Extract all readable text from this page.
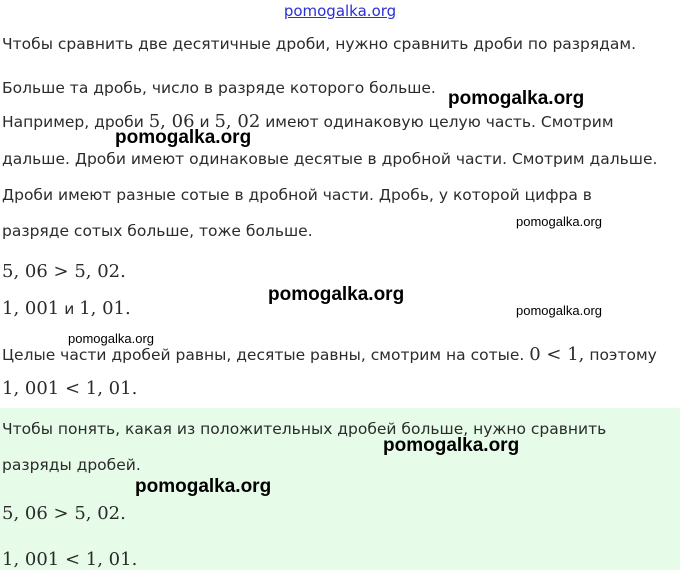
pomogalka.org
Чтобы сравнить две десятичные дроби, нужно сравнить дроби по разрядам.
Больше та дробь, число в разряде которого больше.
Например, дроби 5, 06 и 5, 02 имеют одинаковую целую часть. Смотрим
дальше. Дроби имеют одинаковые десятые в дробной части. Смотрим дальше.
Дроби имеют разные сотые в дробной части. Дробь, у которой цифра в
разряде сотых больше, тоже больше.
5, 06 > 5, 02.
1, 001 и 1, 01.
Целые части дробей равны, десятые равны, смотрим на сотые. 0 < 1, поэтому
1, 001 < 1, 01.
Чтобы понять, какая из положительных дробей больше, нужно сравнить
разряды дробей.
5, 06 > 5, 02.
1, 001 < 1, 01.
pomogalka.org
pomogalka.org
pomogalka.org
pomogalka.org
pomogalka.org
pomogalka.org
pomogalka.org
pomogalka.org
